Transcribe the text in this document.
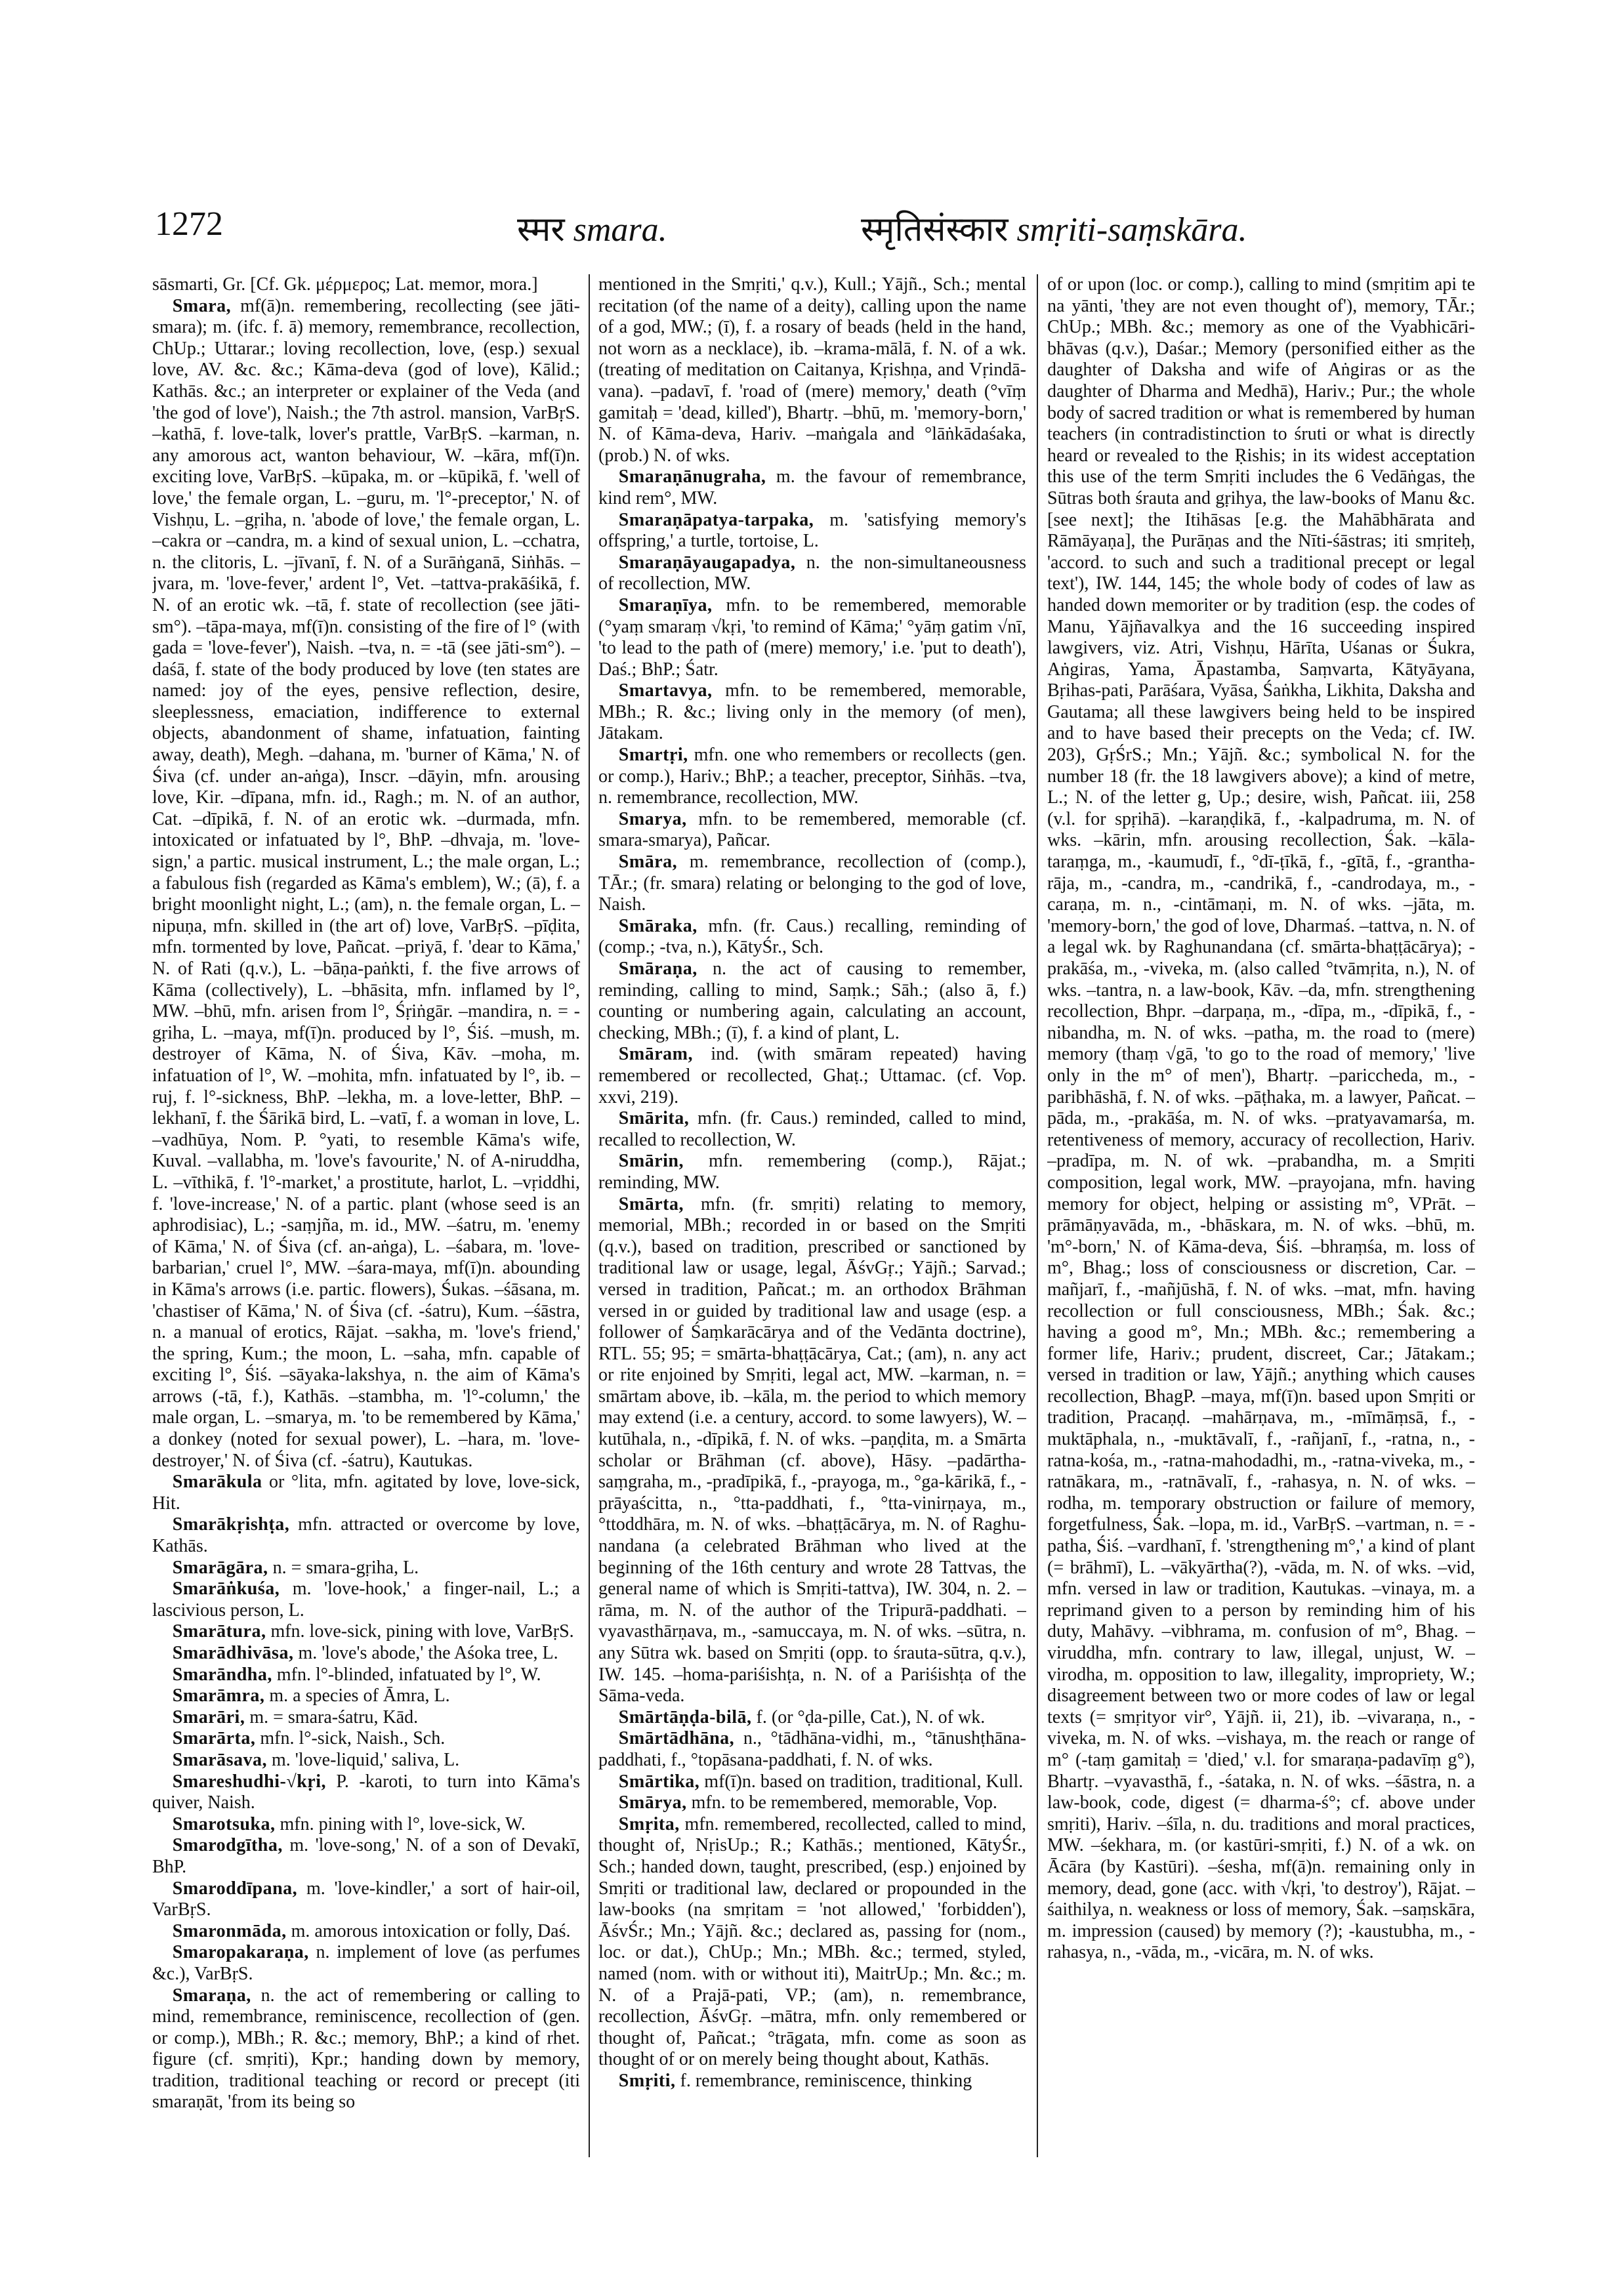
1272	स्मर smara.	स्मृतिसंस्कार smṛiti-saṃskāra.

sāsmarti, Gr. [Cf. Gk. μέρμερος; Lat. memor, mora.]

Smara, mf(ā)n. remembering, recollecting (see jāti-smara); m. (ifc. f. ā) memory, remembrance, recollection, ChUp.; Uttarar.; loving recollection, love, (esp.) sexual love, AV. &c. &c.; Kāma-deva (god of love), Kālid.; Kathās. &c.; an interpreter or explainer of the Veda (and 'the god of love'), Naish.; the 7th astrol. mansion, VarBṛS. –kathā, f. love-talk, lover's prattle, VarBṛS. –karman, n. any amorous act, wanton behaviour, W. –kāra, mf(ī)n. exciting love, VarBṛS. –kūpaka, m. or –kūpikā, f. 'well of love,' the female organ, L. –guru, m. 'l°-preceptor,' N. of Vishṇu, L. –gṛiha, n. 'abode of love,' the female organ, L. –cakra or –candra, m. a kind of sexual union, L. –cchatra, n. the clitoris, L. –jīvanī, f. N. of a Surāṅganā, Siṅhās. –jvara, m. 'love-fever,' ardent l°, Vet. –tattva-prakāśikā, f. N. of an erotic wk. –tā, f. state of recollection (see jāti-sm°). –tāpa-maya, mf(ī)n. consisting of the fire of l° (with gada = 'love-fever'), Naish. –tva, n. = -tā (see jāti-sm°). –daśā, f. state of the body produced by love (ten states are named: joy of the eyes, pensive reflection, desire, sleeplessness, emaciation, indifference to external objects, abandonment of shame, infatuation, fainting away, death), Megh. –dahana, m. 'burner of Kāma,' N. of Śiva (cf. under an-aṅga), Inscr. –dāyin, mfn. arousing love, Kir. –dīpana, mfn. id., Ragh.; m. N. of an author, Cat. –dīpikā, f. N. of an erotic wk. –durmada, mfn. intoxicated or infatuated by l°, BhP. –dhvaja, m. 'love-sign,' a partic. musical instrument, L.; the male organ, L.; a fabulous fish (regarded as Kāma's emblem), W.; (ā), f. a bright moonlight night, L.; (am), n. the female organ, L. –nipuṇa, mfn. skilled in (the art of) love, VarBṛS. –pīḍita, mfn. tormented by love, Pañcat. –priyā, f. 'dear to Kāma,' N. of Rati (q.v.), L. –bāṇa-paṅkti, f. the five arrows of Kāma (collectively), L. –bhāsita, mfn. inflamed by l°, MW. –bhū, mfn. arisen from l°, Śṛiṅgār. –mandira, n. = -gṛiha, L. –maya, mf(ī)n. produced by l°, Śiś. –mush, m. destroyer of Kāma, N. of Śiva, Kāv. –moha, m. infatuation of l°, W. –mohita, mfn. infatuated by l°, ib. –ruj, f. l°-sickness, BhP. –lekha, m. a love-letter, BhP. –lekhanī, f. the Śārikā bird, L. –vatī, f. a woman in love, L. –vadhūya, Nom. P. °yati, to resemble Kāma's wife, Kuval. –vallabha, m. 'love's favourite,' N. of A-niruddha, L. –vīthikā, f. 'l°-market,' a prostitute, harlot, L. –vṛiddhi, f. 'love-increase,' N. of a partic. plant (whose seed is an aphrodisiac), L.; -saṃjña, m. id., MW. –śatru, m. 'enemy of Kāma,' N. of Śiva (cf. an-aṅga), L. –śabara, m. 'love-barbarian,' cruel l°, MW. –śara-maya, mf(ī)n. abounding in Kāma's arrows (i.e. partic. flowers), Śukas. –śāsana, m. 'chastiser of Kāma,' N. of Śiva (cf. -śatru), Kum. –śāstra, n. a manual of erotics, Rājat. –sakha, m. 'love's friend,' the spring, Kum.; the moon, L. –saha, mfn. capable of exciting l°, Śiś. –sāyaka-lakshya, n. the aim of Kāma's arrows (-tā, f.), Kathās. –stambha, m. 'l°-column,' the male organ, L. –smarya, m. 'to be remembered by Kāma,' a donkey (noted for sexual power), L. –hara, m. 'love-destroyer,' N. of Śiva (cf. -śatru), Kautukas.

Smarākula or °lita, mfn. agitated by love, love-sick, Hit.

Smarākṛishṭa, mfn. attracted or overcome by love, Kathās.

Smarāgāra, n. = smara-gṛiha, L.

Smarāṅkuśa, m. 'love-hook,' a finger-nail, L.; a lascivious person, L.

Smarātura, mfn. love-sick, pining with love, VarBṛS.

Smarādhivāsa, m. 'love's abode,' the Aśoka tree, L.

Smarāndha, mfn. l°-blinded, infatuated by l°, W.

Smarāmra, m. a species of Āmra, L.

Smarāri, m. = smara-śatru, Kād.

Smarārta, mfn. l°-sick, Naish., Sch.

Smarāsava, m. 'love-liquid,' saliva, L.

Smareshudhi-√kṛi, P. -karoti, to turn into Kāma's quiver, Naish.

Smarotsuka, mfn. pining with l°, love-sick, W.

Smarodgītha, m. 'love-song,' N. of a son of Devakī, BhP.

Smaroddīpana, m. 'love-kindler,' a sort of hair-oil, VarBṛS.

Smaronmāda, m. amorous intoxication or folly, Daś.

Smaropakaraṇa, n. implement of love (as perfumes &c.), VarBṛS.

Smaraṇa, n. the act of remembering or calling to mind, remembrance, reminiscence, recollection of (gen. or comp.), MBh.; R. &c.; memory, BhP.; a kind of rhet. figure (cf. smṛiti), Kpr.; handing down by memory, tradition, traditional teaching or record or precept (iti smaraṇāt, 'from its being so

mentioned in the Smṛiti,' q.v.), Kull.; Yājñ., Sch.; mental recitation (of the name of a deity), calling upon the name of a god, MW.; (ī), f. a rosary of beads (held in the hand, not worn as a necklace), ib. –krama-mālā, f. N. of a wk. (treating of meditation on Caitanya, Kṛishṇa, and Vṛindā-vana). –padavī, f. 'road of (mere) memory,' death (°vīṃ gamitaḥ = 'dead, killed'), Bhartṛ. –bhū, m. 'memory-born,' N. of Kāma-deva, Hariv. –maṅgala and °lāṅkādaśaka, (prob.) N. of wks.

Smaraṇānugraha, m. the favour of remembrance, kind rem°, MW.

Smaraṇāpatya-tarpaka, m. 'satisfying memory's offspring,' a turtle, tortoise, L.

Smaraṇāyaugapadya, n. the non-simultaneousness of recollection, MW.

Smaraṇīya, mfn. to be remembered, memorable (°yaṃ smaraṃ √kṛi, 'to remind of Kāma;' °yāṃ gatim √nī, 'to lead to the path of (mere) memory,' i.e. 'put to death'), Daś.; BhP.; Śatr.

Smartavya, mfn. to be remembered, memorable, MBh.; R. &c.; living only in the memory (of men), Jātakam.

Smartṛi, mfn. one who remembers or recollects (gen. or comp.), Hariv.; BhP.; a teacher, preceptor, Siṅhās. –tva, n. remembrance, recollection, MW.

Smarya, mfn. to be remembered, memorable (cf. smara-smarya), Pañcar.

Smāra, m. remembrance, recollection of (comp.), TĀr.; (fr. smara) relating or belonging to the god of love, Naish.

Smāraka, mfn. (fr. Caus.) recalling, reminding of (comp.; -tva, n.), KātyŚr., Sch.

Smāraṇa, n. the act of causing to remember, reminding, calling to mind, Saṃk.; Sāh.; (also ā, f.) counting or numbering again, calculating an account, checking, MBh.; (ī), f. a kind of plant, L.

Smāram, ind. (with smāram repeated) having remembered or recollected, Ghaṭ.; Uttamac. (cf. Vop. xxvi, 219).

Smārita, mfn. (fr. Caus.) reminded, called to mind, recalled to recollection, W.

Smārin, mfn. remembering (comp.), Rājat.; reminding, MW.

Smārta, mfn. (fr. smṛiti) relating to memory, memorial, MBh.; recorded in or based on the Smṛiti (q.v.), based on tradition, prescribed or sanctioned by traditional law or usage, legal, ĀśvGṛ.; Yājñ.; Sarvad.; versed in tradition, Pañcat.; m. an orthodox Brāhman versed in or guided by traditional law and usage (esp. a follower of Śaṃkarācārya and of the Vedānta doctrine), RTL. 55; 95; = smārta-bhaṭṭācārya, Cat.; (am), n. any act or rite enjoined by Smṛiti, legal act, MW. –karman, n. = smārtam above, ib. –kāla, m. the period to which memory may extend (i.e. a century, accord. to some lawyers), W. –kutūhala, n., -dīpikā, f. N. of wks. –paṇḍita, m. a Smārta scholar or Brāhman (cf. above), Hāsy. –padārtha-saṃgraha, m., -pradīpikā, f., -prayoga, m., °ga-kārikā, f., -prāyaścitta, n., °tta-paddhati, f., °tta-vinirṇaya, m., °ttoddhāra, m. N. of wks. –bhaṭṭācārya, m. N. of Raghu-nandana (a celebrated Brāhman who lived at the beginning of the 16th century and wrote 28 Tattvas, the general name of which is Smṛiti-tattva), IW. 304, n. 2. –rāma, m. N. of the author of the Tripurā-paddhati. –vyavasthārṇava, m., -samuccaya, m. N. of wks. –sūtra, n. any Sūtra wk. based on Smṛiti (opp. to śrauta-sūtra, q.v.), IW. 145. –homa-pariśishṭa, n. N. of a Pariśishṭa of the Sāma-veda.

Smārtāṇḍa-bilā, f. (or °ḍa-pille, Cat.), N. of wk.

Smārtādhāna, n., °tādhāna-vidhi, m., °tānushṭhāna-paddhati, f., °topāsana-paddhati, f. N. of wks.

Smārtika, mf(ī)n. based on tradition, traditional, Kull.

Smārya, mfn. to be remembered, memorable, Vop.

Smṛita, mfn. remembered, recollected, called to mind, thought of, NṛisUp.; R.; Kathās.; mentioned, KātyŚr., Sch.; handed down, taught, prescribed, (esp.) enjoined by Smṛiti or traditional law, declared or propounded in the law-books (na smṛitam = 'not allowed,' 'forbidden'), ĀśvŚr.; Mn.; Yājñ. &c.; declared as, passing for (nom., loc. or dat.), ChUp.; Mn.; MBh. &c.; termed, styled, named (nom. with or without iti), MaitrUp.; Mn. &c.; m. N. of a Prajā-pati, VP.; (am), n. remembrance, recollection, ĀśvGṛ. –mātra, mfn. only remembered or thought of, Pañcat.; °trāgata, mfn. come as soon as thought of or on merely being thought about, Kathās.

Smṛiti, f. remembrance, reminiscence, thinking

of or upon (loc. or comp.), calling to mind (smṛitim api te na yānti, 'they are not even thought of'), memory, TĀr.; ChUp.; MBh. &c.; memory as one of the Vyabhicāri-bhāvas (q.v.), Daśar.; Memory (personified either as the daughter of Daksha and wife of Aṅgiras or as the daughter of Dharma and Medhā), Hariv.; Pur.; the whole body of sacred tradition or what is remembered by human teachers (in contradistinction to śruti or what is directly heard or revealed to the Ṛishis; in its widest acceptation this use of the term Smṛiti includes the 6 Vedāṅgas, the Sūtras both śrauta and gṛihya, the law-books of Manu &c. [see next]; the Itihāsas [e.g. the Mahābhārata and Rāmāyaṇa], the Purāṇas and the Nīti-śāstras; iti smṛiteḥ, 'accord. to such and such a traditional precept or legal text'), IW. 144, 145; the whole body of codes of law as handed down memoriter or by tradition (esp. the codes of Manu, Yājñavalkya and the 16 succeeding inspired lawgivers, viz. Atri, Vishṇu, Hārīta, Uśanas or Śukra, Aṅgiras, Yama, Āpastamba, Saṃvarta, Kātyāyana, Bṛihas-pati, Parāśara, Vyāsa, Śaṅkha, Likhita, Daksha and Gautama; all these lawgivers being held to be inspired and to have based their precepts on the Veda; cf. IW. 203), GṛŚrS.; Mn.; Yājñ. &c.; symbolical N. for the number 18 (fr. the 18 lawgivers above); a kind of metre, L.; N. of the letter g, Up.; desire, wish, Pañcat. iii, 258 (v.l. for spṛihā). –karaṇḍikā, f., -kalpadruma, m. N. of wks. –kārin, mfn. arousing recollection, Śak. –kāla-taraṃga, m., -kaumudī, f., °dī-ṭīkā, f., -gītā, f., -grantha-rāja, m., -candra, m., -candrikā, f., -candrodaya, m., -caraṇa, m. n., -cintāmaṇi, m. N. of wks. –jāta, m. 'memory-born,' the god of love, Dharmaś. –tattva, n. N. of a legal wk. by Raghunandana (cf. smārta-bhaṭṭācārya); -prakāśa, m., -viveka, m. (also called °tvāmṛita, n.), N. of wks. –tantra, n. a law-book, Kāv. –da, mfn. strengthening recollection, Bhpr. –darpaṇa, m., -dīpa, m., -dīpikā, f., -nibandha, m. N. of wks. –patha, m. the road to (mere) memory (thaṃ √gā, 'to go to the road of memory,' 'live only in the m° of men'), Bhartṛ. –pariccheda, m., -paribhāshā, f. N. of wks. –pāṭhaka, m. a lawyer, Pañcat. –pāda, m., -prakāśa, m. N. of wks. –pratyavamarśa, m. retentiveness of memory, accuracy of recollection, Hariv. –pradīpa, m. N. of wk. –prabandha, m. a Smṛiti composition, legal work, MW. –prayojana, mfn. having memory for object, helping or assisting m°, VPrāt. –prāmāṇyavāda, m., -bhāskara, m. N. of wks. –bhū, m. 'm°-born,' N. of Kāma-deva, Śiś. –bhraṃśa, m. loss of m°, Bhag.; loss of consciousness or discretion, Car. –mañjarī, f., -mañjūshā, f. N. of wks. –mat, mfn. having recollection or full consciousness, MBh.; Śak. &c.; having a good m°, Mn.; MBh. &c.; remembering a former life, Hariv.; prudent, discreet, Car.; Jātakam.; versed in tradition or law, Yājñ.; anything which causes recollection, BhagP. –maya, mf(ī)n. based upon Smṛiti or tradition, Pracaṇḍ. –mahārṇava, m., -mīmāṃsā, f., -muktāphala, n., -muktāvalī, f., -rañjanī, f., -ratna, n., -ratna-kośa, m., -ratna-mahodadhi, m., -ratna-viveka, m., -ratnākara, m., -ratnāvalī, f., -rahasya, n. N. of wks. –rodha, m. temporary obstruction or failure of memory, forgetfulness, Śak. –lopa, m. id., VarBṛS. –vartman, n. = -patha, Śiś. –vardhanī, f. 'strengthening m°,' a kind of plant (= brāhmī), L. –vākyārtha(?), -vāda, m. N. of wks. –vid, mfn. versed in law or tradition, Kautukas. –vinaya, m. a reprimand given to a person by reminding him of his duty, Mahāvy. –vibhrama, m. confusion of m°, Bhag. –viruddha, mfn. contrary to law, illegal, unjust, W. –virodha, m. opposition to law, illegality, impropriety, W.; disagreement between two or more codes of law or legal texts (= smṛityor vir°, Yājñ. ii, 21), ib. –vivaraṇa, n., -viveka, m. N. of wks. –vishaya, m. the reach or range of m° (-taṃ gamitaḥ = 'died,' v.l. for smaraṇa-padavīṃ g°), Bhartṛ. –vyavasthā, f., -śataka, n. N. of wks. –śāstra, n. a law-book, code, digest (= dharma-ś°; cf. above under smṛiti), Hariv. –śīla, n. du. traditions and moral practices, MW. –śekhara, m. (or kastūri-smṛiti, f.) N. of a wk. on Ācāra (by Kastūri). –śesha, mf(ā)n. remaining only in memory, dead, gone (acc. with √kṛi, 'to destroy'), Rājat. –śaithilya, n. weakness or loss of memory, Śak. –saṃskāra, m. impression (caused) by memory (?); -kaustubha, m., -rahasya, n., -vāda, m., -vicāra, m. N. of wks.
